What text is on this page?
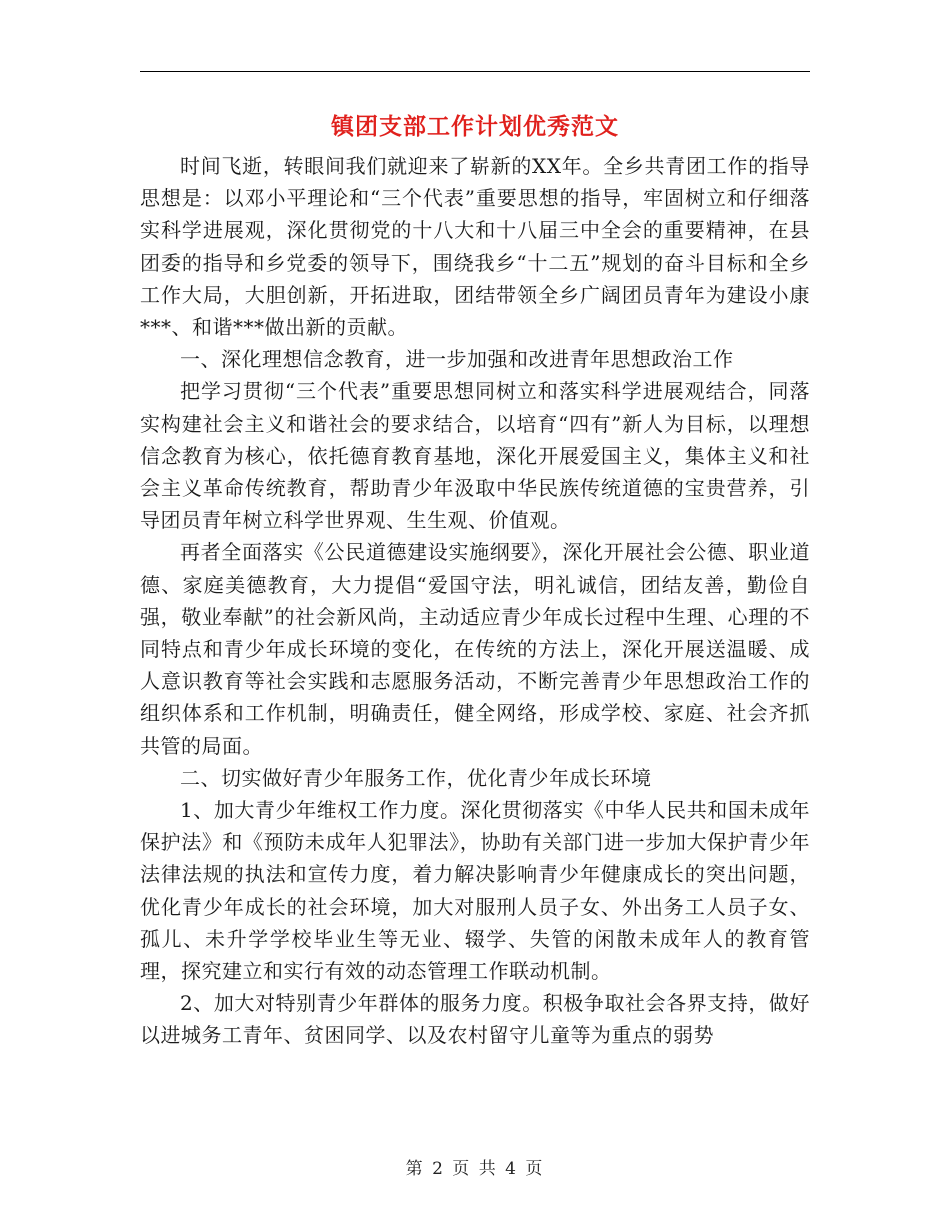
镇团支部工作计划优秀范文

时间飞逝，转眼间我们就迎来了崭新的XX年。全乡共青团工作的指导思想是：以邓小平理论和“三个代表”重要思想的指导，牢固树立和仔细落实科学进展观，深化贯彻党的十八大和十八届三中全会的重要精神，在县团委的指导和乡党委的领导下，围绕我乡“十二五”规划的奋斗目标和全乡工作大局，大胆创新，开拓进取，团结带领全乡广阔团员青年为建设小康***、和谐***做出新的贡献。

一、深化理想信念教育，进一步加强和改进青年思想政治工作

把学习贯彻“三个代表”重要思想同树立和落实科学进展观结合，同落实构建社会主义和谐社会的要求结合，以培育“四有”新人为目标，以理想信念教育为核心，依托德育教育基地，深化开展爱国主义，集体主义和社会主义革命传统教育，帮助青少年汲取中华民族传统道德的宝贵营养，引导团员青年树立科学世界观、生生观、价值观。

再者全面落实《公民道德建设实施纲要》，深化开展社会公德、职业道德、家庭美德教育，大力提倡“爱国守法，明礼诚信，团结友善，勤俭自强，敬业奉献”的社会新风尚，主动适应青少年成长过程中生理、心理的不同特点和青少年成长环境的变化，在传统的方法上，深化开展送温暖、成人意识教育等社会实践和志愿服务活动，不断完善青少年思想政治工作的组织体系和工作机制，明确责任，健全网络，形成学校、家庭、社会齐抓共管的局面。

二、切实做好青少年服务工作，优化青少年成长环境

1、加大青少年维权工作力度。深化贯彻落实《中华人民共和国未成年保护法》和《预防未成年人犯罪法》，协助有关部门进一步加大保护青少年法律法规的执法和宣传力度，着力解决影响青少年健康成长的突出问题，优化青少年成长的社会环境，加大对服刑人员子女、外出务工人员子女、孤儿、未升学学校毕业生等无业、辍学、失管的闲散未成年人的教育管理，探究建立和实行有效的动态管理工作联动机制。

2、加大对特别青少年群体的服务力度。积极争取社会各界支持，做好以进城务工青年、贫困同学、以及农村留守儿童等为重点的弱势

第 2 页 共 4 页
